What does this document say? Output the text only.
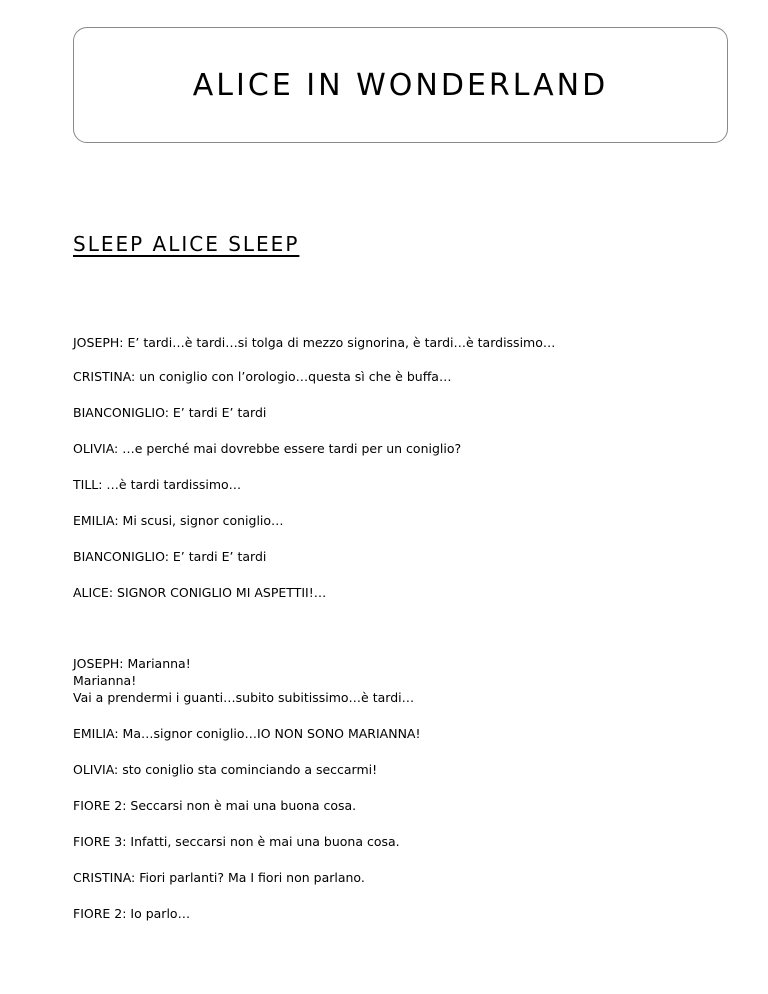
ALICE IN WONDERLAND
SLEEP ALICE SLEEP
JOSEPH: E’ tardi…è tardi…si tolga di mezzo signorina, è tardi…è tardissimo…
CRISTINA: un coniglio con l’orologio…questa sì che è buffa…
BIANCONIGLIO: E’ tardi E’ tardi
OLIVIA: …e perché mai dovrebbe essere tardi per un coniglio?
TILL: …è tardi tardissimo…
EMILIA: Mi scusi, signor coniglio…
BIANCONIGLIO: E’ tardi E’ tardi
ALICE: SIGNOR CONIGLIO MI ASPETTII!…
JOSEPH: Marianna!
Marianna!
Vai a prendermi i guanti…subito subitissimo…è tardi…
EMILIA: Ma…signor coniglio…IO NON SONO MARIANNA!
OLIVIA: sto coniglio sta cominciando a seccarmi!
FIORE 2: Seccarsi non è mai una buona cosa.
FIORE 3: Infatti, seccarsi non è mai una buona cosa.
CRISTINA: Fiori parlanti? Ma I fiori non parlano.
FIORE 2: Io parlo…
